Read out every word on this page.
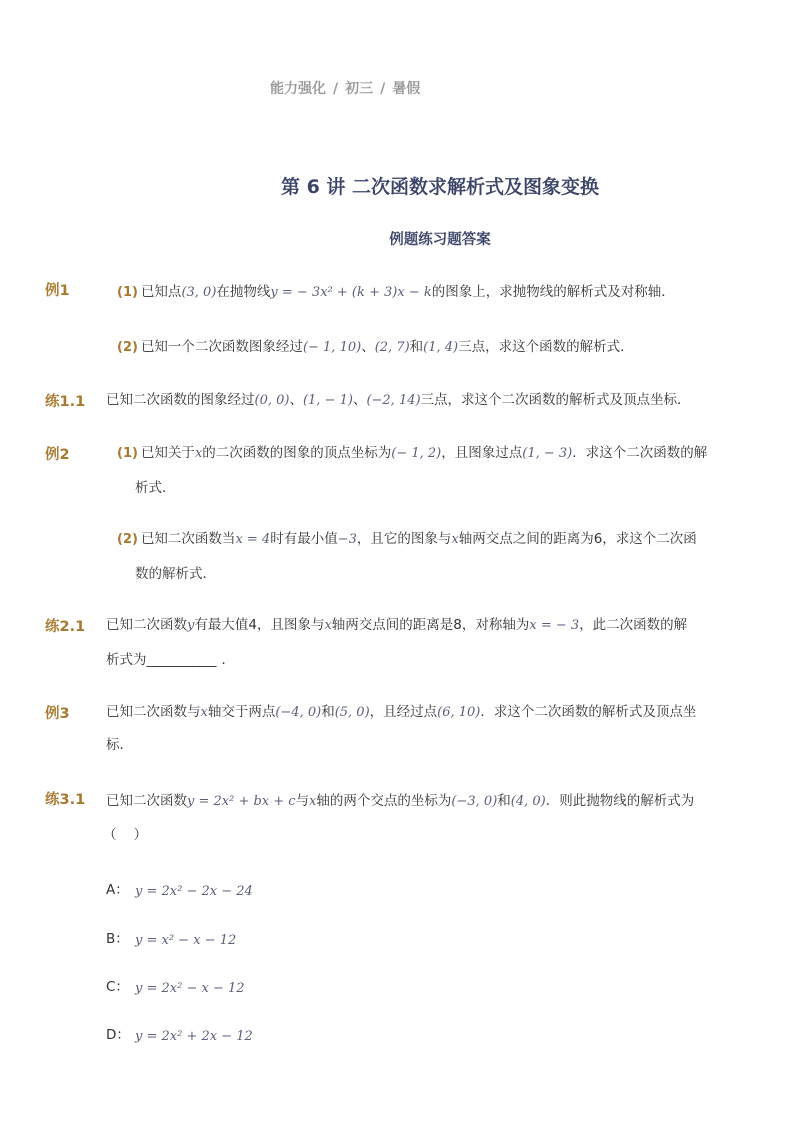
能力强化 / 初三 / 暑假
第 6 讲 二次函数求解析式及图象变换
例题练习题答案
例1	(1) 已知点(3, 0)在抛物线y = − 3x² + (k + 3)x − k的图象上，求抛物线的解析式及对称轴．
(2) 已知一个二次函数图象经过(− 1, 10)、(2, 7)和(1, 4)三点，求这个函数的解析式．
练1.1 已知二次函数的图象经过(0, 0)、(1, − 1)、(−2, 14)三点，求这个二次函数的解析式及顶点坐标．
例2	(1) 已知关于x的二次函数的图象的顶点坐标为(− 1, 2)，且图象过点(1, − 3)．求这个二次函数的解
析式．
(2) 已知二次函数当x = 4时有最小值−3，且它的图象与x轴两交点之间的距离为6，求这个二次函
数的解析式．
练2.1 已知二次函数y有最大值4，且图象与x轴两交点间的距离是8，对称轴为x = − 3，此二次函数的解
析式为____________ ．
例3	已知二次函数与x轴交于两点(−4, 0)和(5, 0)，且经过点(6, 10)．求这个二次函数的解析式及顶点坐
标．
练3.1 已知二次函数y = 2x² + bx + c与x轴的两个交点的坐标为(−3, 0)和(4, 0)．则此抛物线的解析式为
（    ）
A： y = 2x² − 2x − 24
B： y = x² − x − 12
C： y = 2x² − x − 12
D： y = 2x² + 2x − 12
